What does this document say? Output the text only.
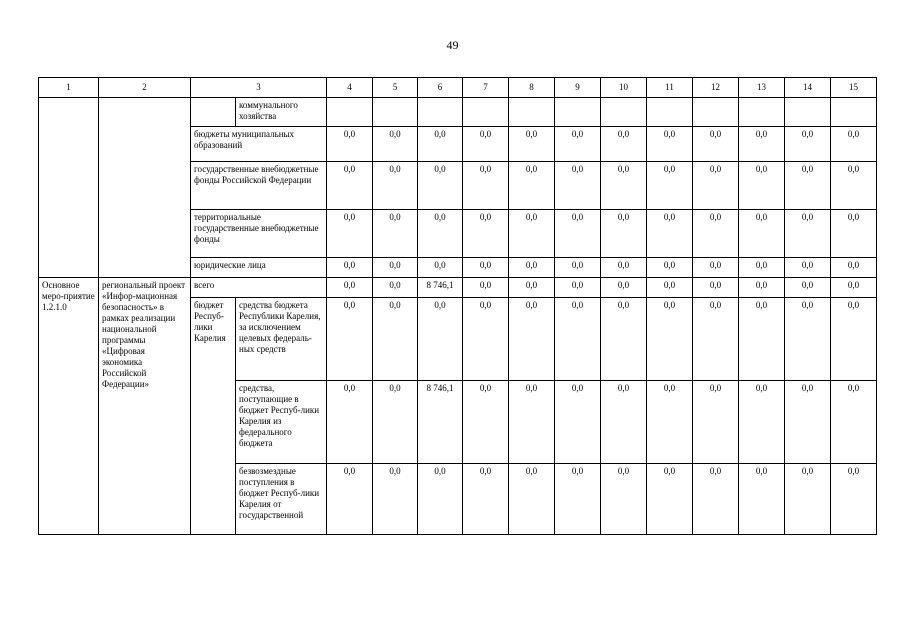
49
1	2	3		4	5	6	7	8	9	10	11	12	13	14	15
			коммунального хозяйства												
		бюджеты муниципальных образований		0,0	0,0	0,0	0,0	0,0	0,0	0,0	0,0	0,0	0,0	0,0	0,0
		государственные внебюджетные фонды Российской Федерации		0,0	0,0	0,0	0,0	0,0	0,0	0,0	0,0	0,0	0,0	0,0	0,0
		территориальные государственные внебюджетные фонды		0,0	0,0	0,0	0,0	0,0	0,0	0,0	0,0	0,0	0,0	0,0	0,0
		юридические лица		0,0	0,0	0,0	0,0	0,0	0,0	0,0	0,0	0,0	0,0	0,0	0,0
Основное меро-приятие 1.2.1.0	региональный проект «Инфор-мационная безопасность» в рамках реализации национальной программы «Цифровая экономика Российской Федерации»	всего		0,0	0,0	8 746,1	0,0	0,0	0,0	0,0	0,0	0,0	0,0	0,0	0,0
		бюджет Респуб-лики Карелия	средства бюджета Республики Карелия, за исключением целевых федераль-ных средств	0,0	0,0	0,0	0,0	0,0	0,0	0,0	0,0	0,0	0,0	0,0	0,0
			средства, поступающие в бюджет Респуб-лики Карелия из федерального бюджета	0,0	0,0	8 746,1	0,0	0,0	0,0	0,0	0,0	0,0	0,0	0,0	0,0
			безвозмездные поступления в бюджет Респуб-лики Карелия от государственной	0,0	0,0	0,0	0,0	0,0	0,0	0,0	0,0	0,0	0,0	0,0	0,0
